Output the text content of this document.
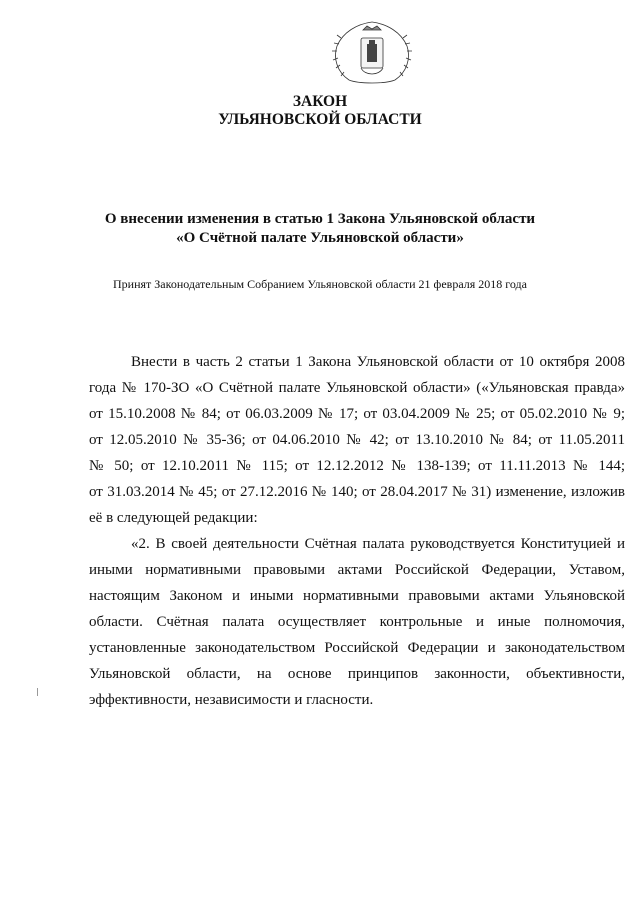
ЗАКОН
УЛЬЯНОВСКОЙ ОБЛАСТИ
О внесении изменения в статью 1 Закона Ульяновской области
«О Счётной палате Ульяновской области»
Принят Законодательным Собранием Ульяновской области 21 февраля 2018 года
Внести в часть 2 статьи 1 Закона Ульяновской области от 10 октября 2008
года № 170-ЗО «О Счётной палате Ульяновской области» («Ульяновская правда»
от 15.10.2008 № 84; от 06.03.2009 № 17; от 03.04.2009 № 25; от 05.02.2010 № 9;
от 12.05.2010 № 35-36; от 04.06.2010 № 42; от 13.10.2010 № 84; от 11.05.2011
№ 50; от 12.10.2011 № 115; от 12.12.2012 № 138-139; от 11.11.2013 № 144;
от 31.03.2014 № 45; от 27.12.2016 № 140; от 28.04.2017 № 31) изменение, изложив
её в следующей редакции:
«2. В своей деятельности Счётная палата руководствуется Конституцией и
иными нормативными правовыми актами Российской Федерации, Уставом,
настоящим Законом и иными нормативными правовыми актами Ульяновской
области. Счётная палата осуществляет контрольные и иные полномочия,
установленные законодательством Российской Федерации и законодательством
Ульяновской области, на основе принципов законности, объективности,
эффективности, независимости и гласности.
